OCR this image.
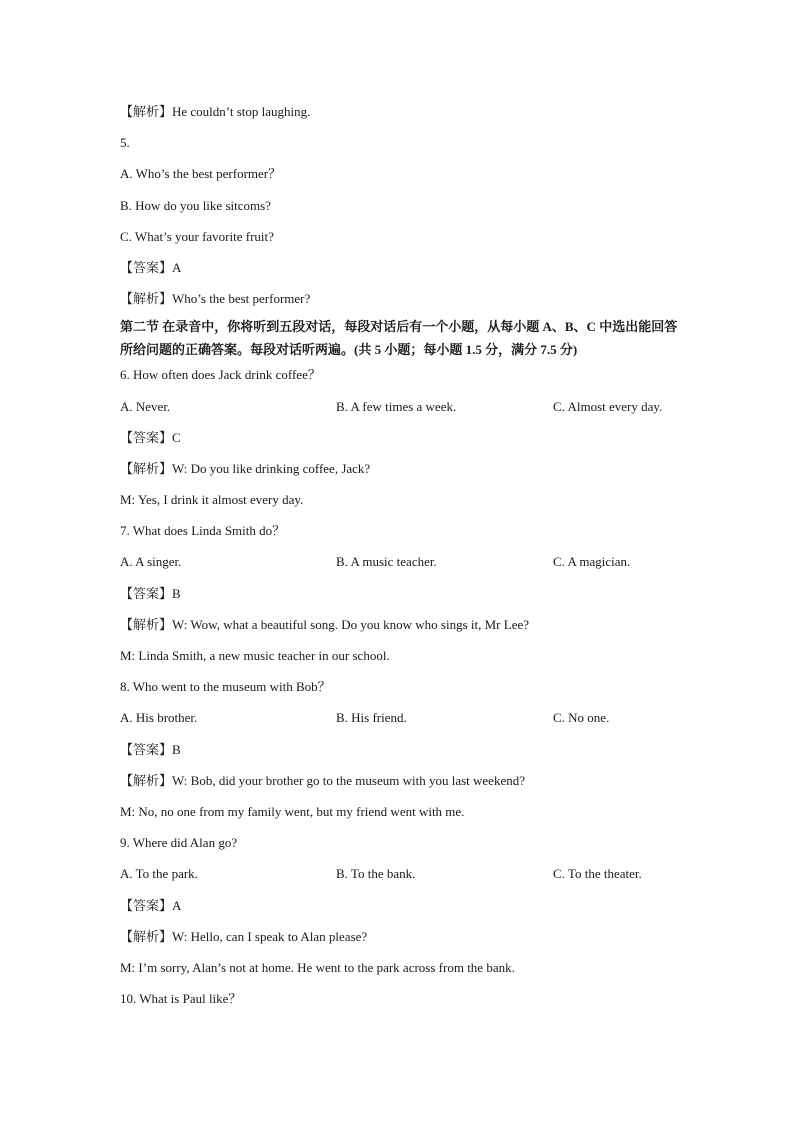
【解析】He couldn’t stop laughing.
5.
A. Who’s the best performer？
B. How do you like sitcoms?
C. What’s your favorite fruit?
【答案】A
【解析】Who’s the best performer?
第二节 在录音中，你将听到五段对话，每段对话后有一个小题，从每小题 A、B、C 中选出能回答所给问题的正确答案。每段对话听两遍。(共 5 小题；每小题 1.5 分，满分 7.5 分)
6. How often does Jack drink coffee？
A. Never.	B. A few times a week.	C. Almost every day.
【答案】C
【解析】W: Do you like drinking coffee, Jack?
M: Yes, I drink it almost every day.
7. What does Linda Smith do？
A. A singer.	B. A music teacher.	C. A magician.
【答案】B
【解析】W: Wow, what a beautiful song. Do you know who sings it, Mr Lee?
M: Linda Smith, a new music teacher in our school.
8. Who went to the museum with Bob？
A. His brother.	B. His friend.	C. No one.
【答案】B
【解析】W: Bob, did your brother go to the museum with you last weekend?
M: No, no one from my family went, but my friend went with me.
9. Where did Alan go?
A. To the park.	B. To the bank.	C. To the theater.
【答案】A
【解析】W: Hello, can I speak to Alan please?
M: I’m sorry, Alan’s not at home. He went to the park across from the bank.
10. What is Paul like？
